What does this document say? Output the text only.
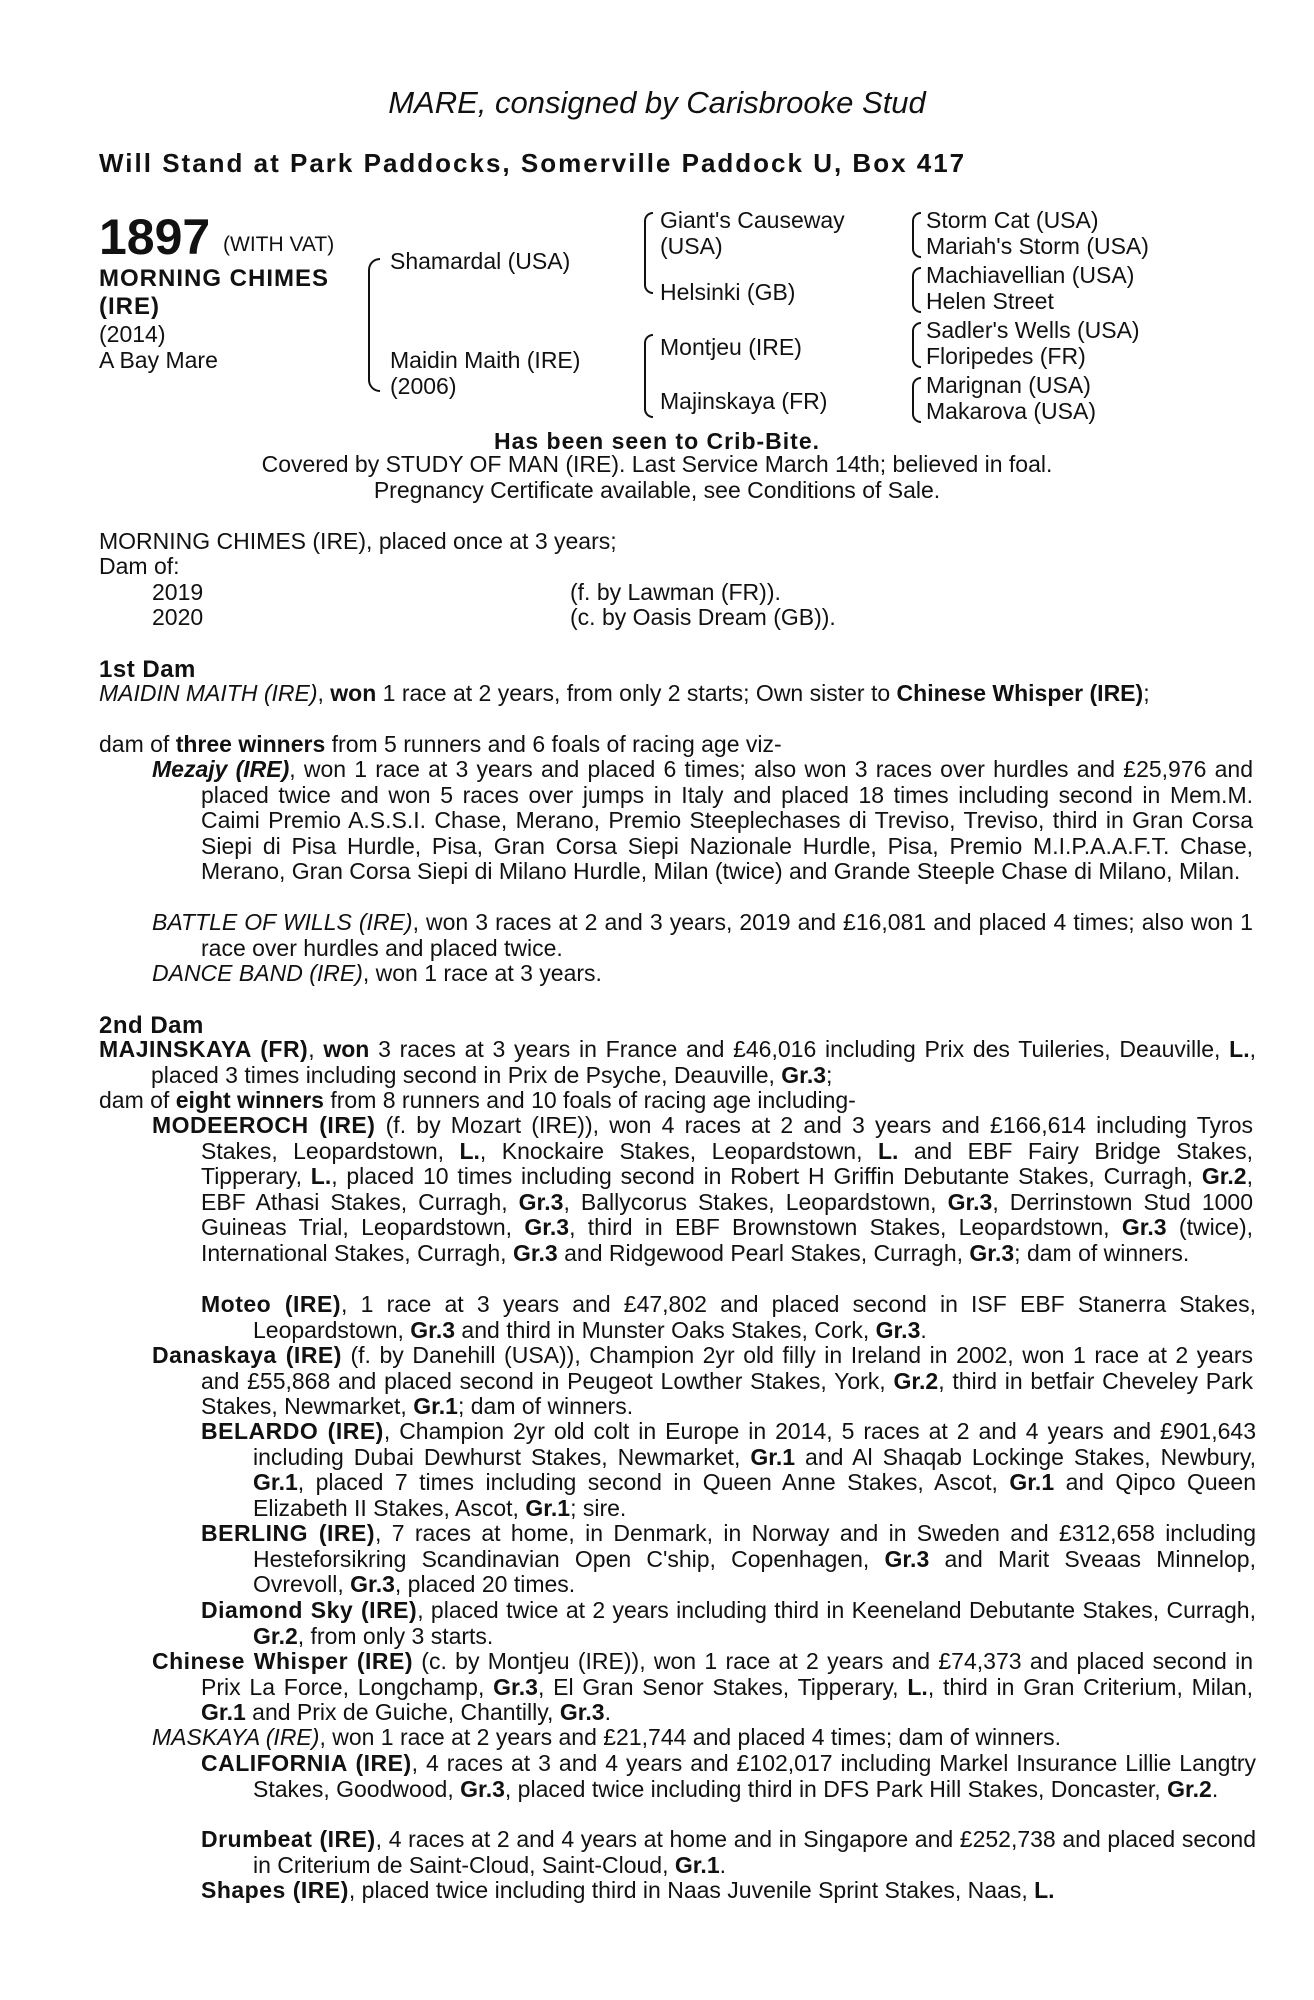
MARE, consigned by Carisbrooke Stud
Will Stand at Park Paddocks, Somerville Paddock U, Box 417
1897 (WITH VAT)
MORNING CHIMES (IRE)
(2014)
A Bay Mare
Shamardal (USA)
Maidin Maith (IRE)
(2006)
Giant's Causeway
(USA)
Helsinki (GB)
Montjeu (IRE)
Majinskaya (FR)
Storm Cat (USA)
Mariah's Storm (USA)
Machiavellian (USA)
Helen Street
Sadler's Wells (USA)
Floripedes (FR)
Marignan (USA)
Makarova (USA)
Has been seen to Crib-Bite.
Covered by STUDY OF MAN (IRE). Last Service March 14th; believed in foal.
Pregnancy Certificate available, see Conditions of Sale.
MORNING CHIMES (IRE), placed once at 3 years;
Dam of:
2019	(f. by Lawman (FR)).
2020	(c. by Oasis Dream (GB)).
1st Dam
MAIDIN MAITH (IRE), won 1 race at 2 years, from only 2 starts; Own sister to Chinese Whisper (IRE);
dam of three winners from 5 runners and 6 foals of racing age viz-
Mezajy (IRE), won 1 race at 3 years and placed 6 times; also won 3 races over hurdles and £25,976 and placed twice and won 5 races over jumps in Italy and placed 18 times including second in Mem.M. Caimi Premio A.S.S.I. Chase, Merano, Premio Steeplechases di Treviso, Treviso, third in Gran Corsa Siepi di Pisa Hurdle, Pisa, Gran Corsa Siepi Nazionale Hurdle, Pisa, Premio M.I.P.A.A.F.T. Chase, Merano, Gran Corsa Siepi di Milano Hurdle, Milan (twice) and Grande Steeple Chase di Milano, Milan.
BATTLE OF WILLS (IRE), won 3 races at 2 and 3 years, 2019 and £16,081 and placed 4 times; also won 1 race over hurdles and placed twice.
DANCE BAND (IRE), won 1 race at 3 years.
2nd Dam
MAJINSKAYA (FR), won 3 races at 3 years in France and £46,016 including Prix des Tuileries, Deauville, L., placed 3 times including second in Prix de Psyche, Deauville, Gr.3;
dam of eight winners from 8 runners and 10 foals of racing age including-
MODEEROCH (IRE) (f. by Mozart (IRE)), won 4 races at 2 and 3 years and £166,614 including Tyros Stakes, Leopardstown, L., Knockaire Stakes, Leopardstown, L. and EBF Fairy Bridge Stakes, Tipperary, L., placed 10 times including second in Robert H Griffin Debutante Stakes, Curragh, Gr.2, EBF Athasi Stakes, Curragh, Gr.3, Ballycorus Stakes, Leopardstown, Gr.3, Derrinstown Stud 1000 Guineas Trial, Leopardstown, Gr.3, third in EBF Brownstown Stakes, Leopardstown, Gr.3 (twice), International Stakes, Curragh, Gr.3 and Ridgewood Pearl Stakes, Curragh, Gr.3; dam of winners.
Moteo (IRE), 1 race at 3 years and £47,802 and placed second in ISF EBF Stanerra Stakes, Leopardstown, Gr.3 and third in Munster Oaks Stakes, Cork, Gr.3.
Danaskaya (IRE) (f. by Danehill (USA)), Champion 2yr old filly in Ireland in 2002, won 1 race at 2 years and £55,868 and placed second in Peugeot Lowther Stakes, York, Gr.2, third in betfair Cheveley Park Stakes, Newmarket, Gr.1; dam of winners.
BELARDO (IRE), Champion 2yr old colt in Europe in 2014, 5 races at 2 and 4 years and £901,643 including Dubai Dewhurst Stakes, Newmarket, Gr.1 and Al Shaqab Lockinge Stakes, Newbury, Gr.1, placed 7 times including second in Queen Anne Stakes, Ascot, Gr.1 and Qipco Queen Elizabeth II Stakes, Ascot, Gr.1; sire.
BERLING (IRE), 7 races at home, in Denmark, in Norway and in Sweden and £312,658 including Hesteforsikring Scandinavian Open C'ship, Copenhagen, Gr.3 and Marit Sveaas Minnelop, Ovrevoll, Gr.3, placed 20 times.
Diamond Sky (IRE), placed twice at 2 years including third in Keeneland Debutante Stakes, Curragh, Gr.2, from only 3 starts.
Chinese Whisper (IRE) (c. by Montjeu (IRE)), won 1 race at 2 years and £74,373 and placed second in Prix La Force, Longchamp, Gr.3, El Gran Senor Stakes, Tipperary, L., third in Gran Criterium, Milan, Gr.1 and Prix de Guiche, Chantilly, Gr.3.
MASKAYA (IRE), won 1 race at 2 years and £21,744 and placed 4 times; dam of winners.
CALIFORNIA (IRE), 4 races at 3 and 4 years and £102,017 including Markel Insurance Lillie Langtry Stakes, Goodwood, Gr.3, placed twice including third in DFS Park Hill Stakes, Doncaster, Gr.2.
Drumbeat (IRE), 4 races at 2 and 4 years at home and in Singapore and £252,738 and placed second in Criterium de Saint-Cloud, Saint-Cloud, Gr.1.
Shapes (IRE), placed twice including third in Naas Juvenile Sprint Stakes, Naas, L.
